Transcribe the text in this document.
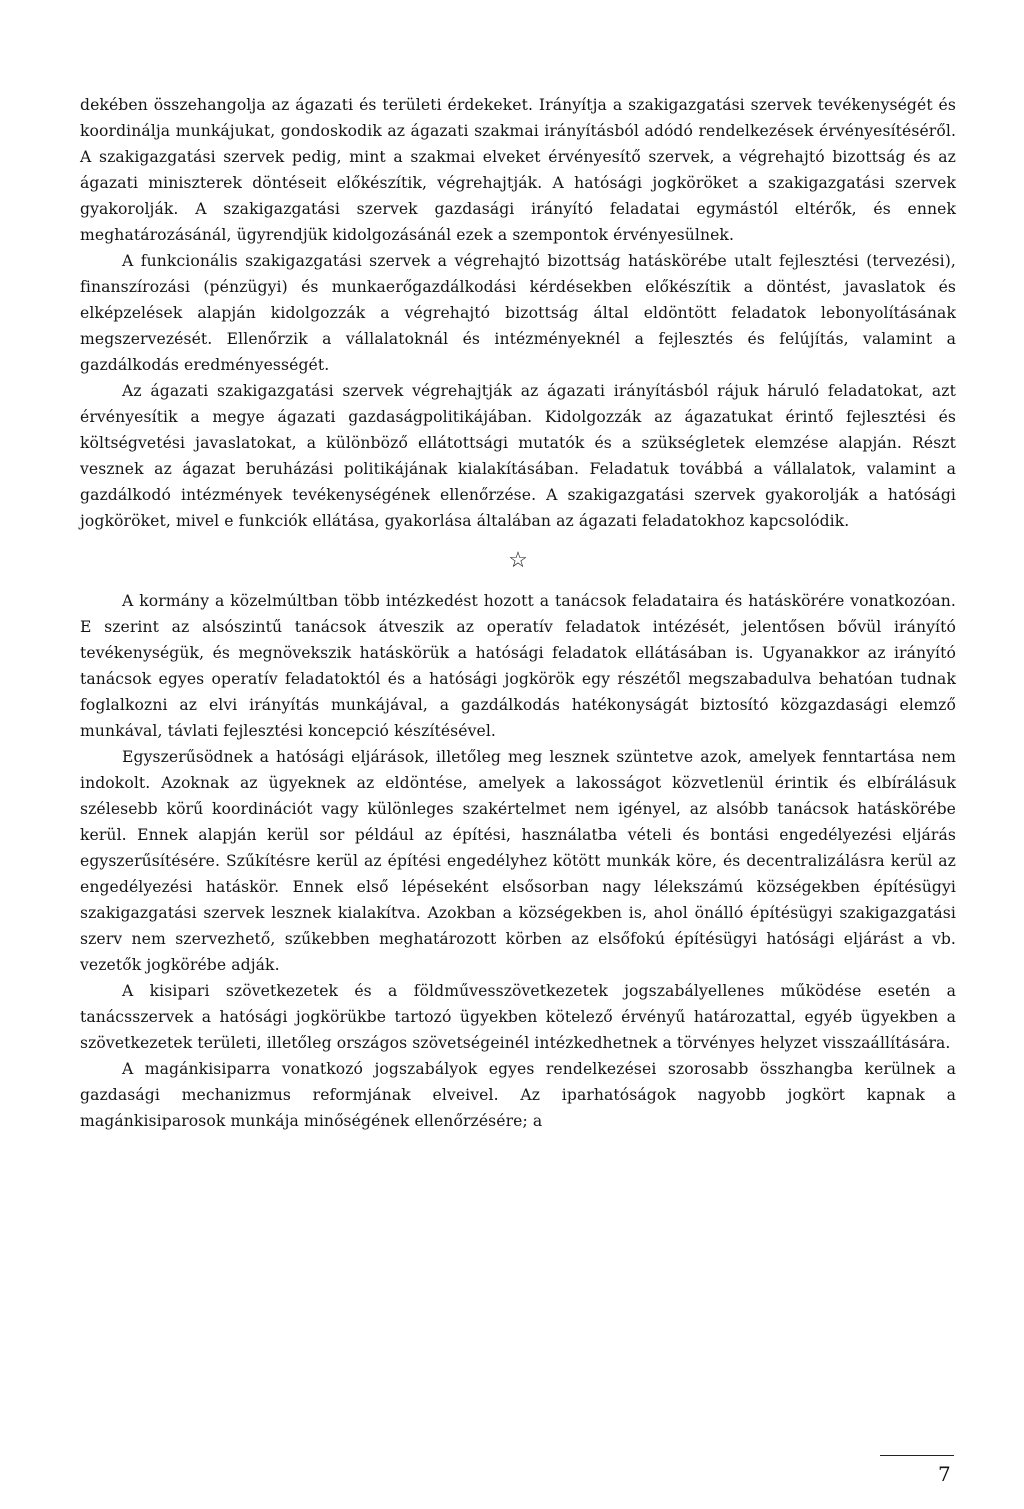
dekében összehangolja az ágazati és területi érdekeket. Irányítja a szakigazgatási szervek tevékenységét és koordinálja munkájukat, gondoskodik az ágazati szakmai irányításból adódó rendelkezések érvényesítéséről. A szakigazgatási szervek pedig, mint a szakmai elveket érvényesítő szervek, a végrehajtó bizottság és az ágazati miniszterek döntéseit előkészítik, végrehajtják. A hatósági jogköröket a szakigazgatási szervek gyakorolják. A szakigazgatási szervek gazdasági irányító feladatai egymástól eltérők, és ennek meghatározásánál, ügyrendjük kidolgozásánál ezek a szempontok érvényesülnek.

A funkcionális szakigazgatási szervek a végrehajtó bizottság hatáskörébe utalt fejlesztési (tervezési), finanszírozási (pénzügyi) és munkaerőgazdálkodási kérdésekben előkészítik a döntést, javaslatok és elképzelések alapján kidolgozzák a végrehajtó bizottság által eldöntött feladatok lebonyolításának megszervezését. Ellenőrzik a vállalatoknál és intézményeknél a fejlesztés és felújítás, valamint a gazdálkodás eredményességét.

Az ágazati szakigazgatási szervek végrehajtják az ágazati irányításból rájuk háruló feladatokat, azt érvényesítik a megye ágazati gazdaságpolitikájában. Kidolgozzák az ágazatukat érintő fejlesztési és költségvetési javaslatokat, a különböző ellátottsági mutatók és a szükségletek elemzése alapján. Részt vesznek az ágazat beruházási politikájának kialakításában. Feladatuk továbbá a vállalatok, valamint a gazdálkodó intézmények tevékenységének ellenőrzése. A szakigazgatási szervek gyakorolják a hatósági jogköröket, mivel e funkciók ellátása, gyakorlása általában az ágazati feladatokhoz kapcsolódik.

☆

A kormány a közelmúltban több intézkedést hozott a tanácsok feladataira és hatáskörére vonatkozóan. E szerint az alsószintű tanácsok átveszik az operatív feladatok intézését, jelentősen bővül irányító tevékenységük, és megnövekszik hatáskörük a hatósági feladatok ellátásában is. Ugyanakkor az irányító tanácsok egyes operatív feladatoktól és a hatósági jogkörök egy részétől megszabadulva behatóan tudnak foglalkozni az elvi irányítás munkájával, a gazdálkodás hatékonyságát biztosító közgazdasági elemző munkával, távlati fejlesztési koncepció készítésével.

Egyszerűsödnek a hatósági eljárások, illetőleg meg lesznek szüntetve azok, amelyek fenntartása nem indokolt. Azoknak az ügyeknek az eldöntése, amelyek a lakosságot közvetlenül érintik és elbírálásuk szélesebb körű koordinációt vagy különleges szakértelmet nem igényel, az alsóbb tanácsok hatáskörébe kerül. Ennek alapján kerül sor például az építési, használatba vételi és bontási engedélyezési eljárás egyszerűsítésére. Szűkítésre kerül az építési engedélyhez kötött munkák köre, és decentralizálásra kerül az engedélyezési hatáskör. Ennek első lépéseként elsősorban nagy lélekszámú községekben építésügyi szakigazgatási szervek lesznek kialakítva. Azokban a községekben is, ahol önálló építésügyi szakigazgatási szerv nem szervezhető, szűkebben meghatározott körben az elsőfokú építésügyi hatósági eljárást a vb. vezetők jogkörébe adják.

A kisipari szövetkezetek és a földművesszövetkezetek jogszabályellenes működése esetén a tanácsszervek a hatósági jogkörükbe tartozó ügyekben kötelező érvényű határozattal, egyéb ügyekben a szövetkezetek területi, illetőleg országos szövetségeinél intézkedhetnek a törvényes helyzet visszaállítására.

A magánkisiparra vonatkozó jogszabályok egyes rendelkezései szorosabb összhangba kerülnek a gazdasági mechanizmus reformjának elveivel. Az iparhatóságok nagyobb jogkört kapnak a magánkisiparosok munkája minőségének ellenőrzésére; a

7
